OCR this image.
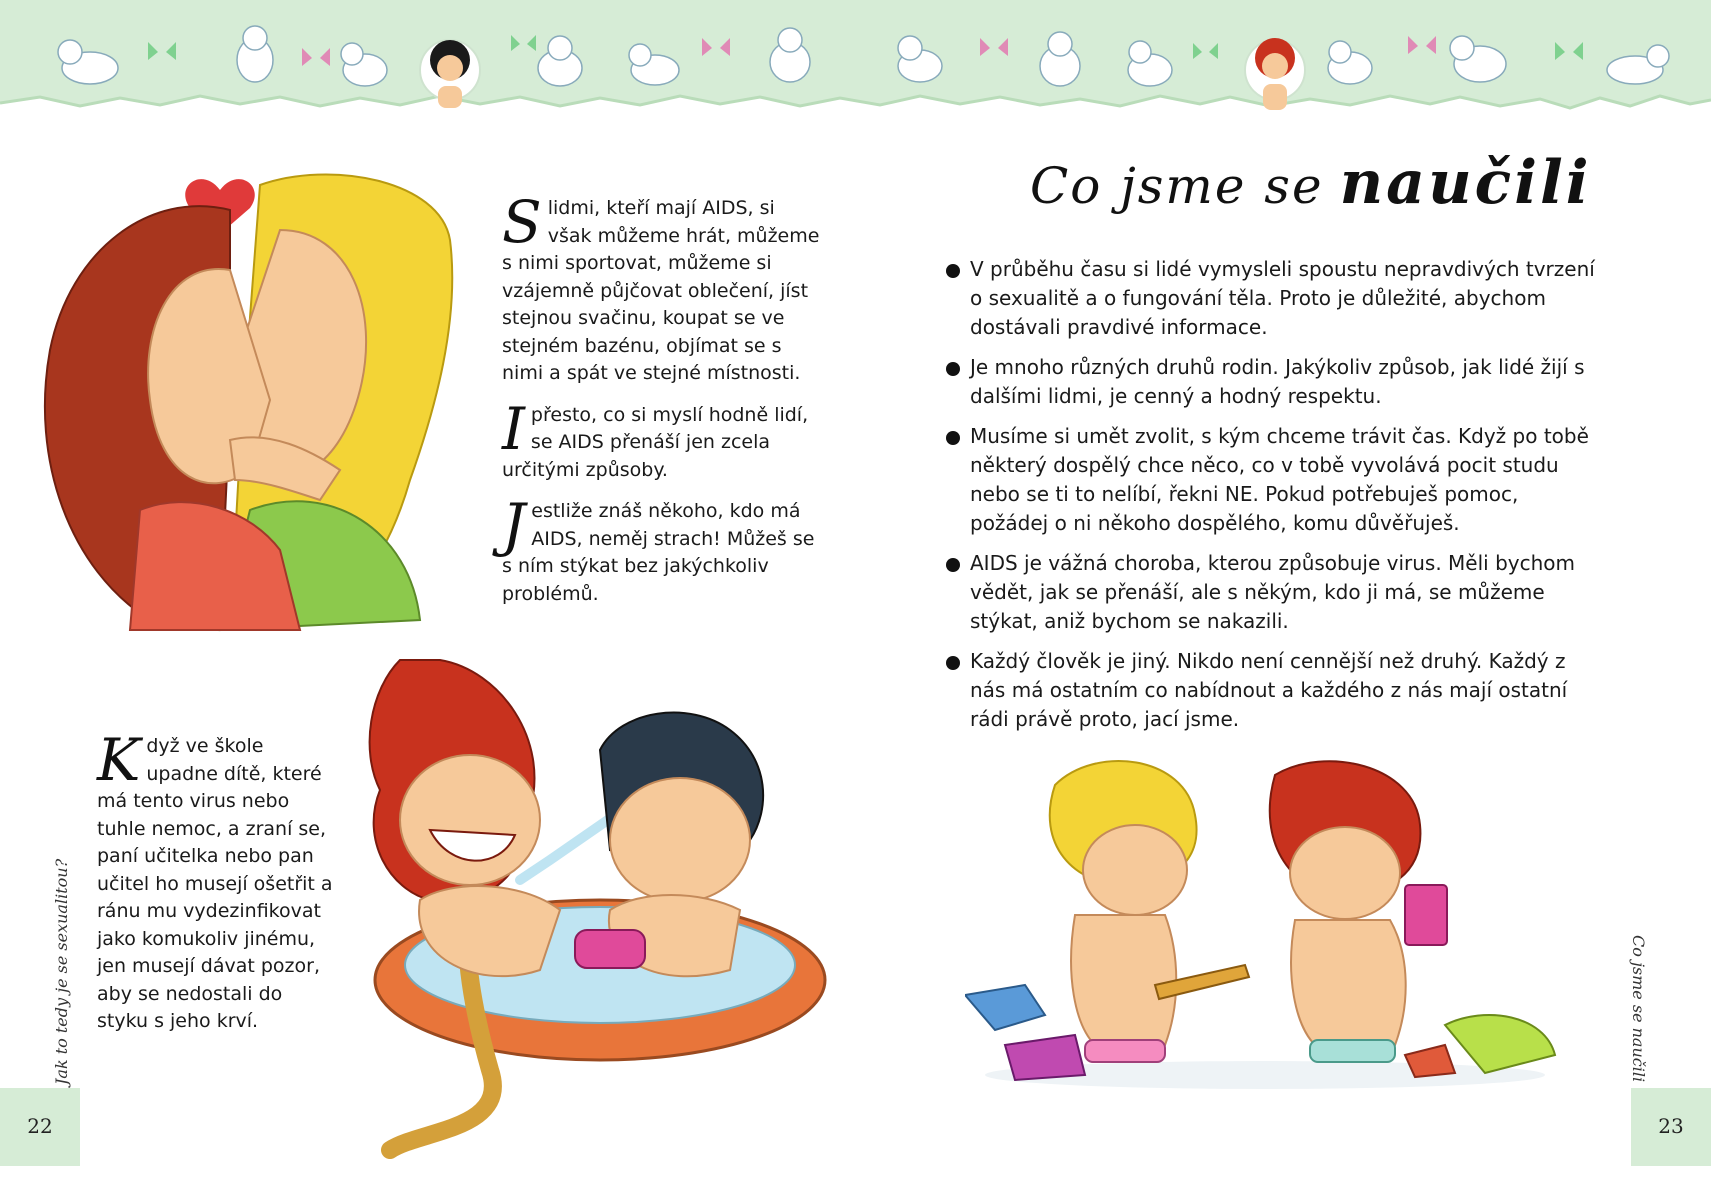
Slidmi, kteří mají AIDS, si však můžeme hrát, můžeme s nimi sportovat, můžeme si vzájemně půjčovat oblečení, jíst stejnou svačinu, koupat se ve stejném bazénu, objímat se s nimi a spát ve stejné místnosti.

Ipřesto, co si myslí hodně lidí, se AIDS přenáší jen zcela určitými způsoby.

Jestliže znáš někoho, kdo má AIDS, neměj strach! Můžeš se s ním stýkat bez jakýchkoliv problémů.

Když ve škole upadne dítě, které má tento virus nebo tuhle nemoc, a zraní se, paní učitelka nebo pan učitel ho musejí ošetřit a ránu mu vydezinfikovat jako komukoliv jinému, jen musejí dávat pozor, aby se nedostali do styku s jeho krví.

Jak to tedy je se sexualitou?
22
Co jsme se naučili
V průběhu času si lidé vymysleli spoustu nepravdivých tvrzení o sexualitě a o fungování těla. Proto je důležité, abychom dostávali pravdivé informace.
Je mnoho různých druhů rodin. Jakýkoliv způsob, jak lidé žijí s dalšími lidmi, je cenný a hodný respektu.
Musíme si umět zvolit, s kým chceme trávit čas. Když po tobě některý dospělý chce něco, co v tobě vyvolává pocit studu nebo se ti to nelíbí, řekni NE. Pokud potřebuješ pomoc, požádej o ni někoho dospělého, komu důvěřuješ.
AIDS je vážná choroba, kterou způsobuje virus. Měli bychom vědět, jak se přenáší, ale s někým, kdo ji má, se můžeme stýkat, aniž bychom se nakazili.
Každý člověk je jiný. Nikdo není cennější než druhý. Každý z nás má ostatním co nabídnout a každého z nás mají ostatní rádi právě proto, jací jsme.
Co jsme se naučili
23
